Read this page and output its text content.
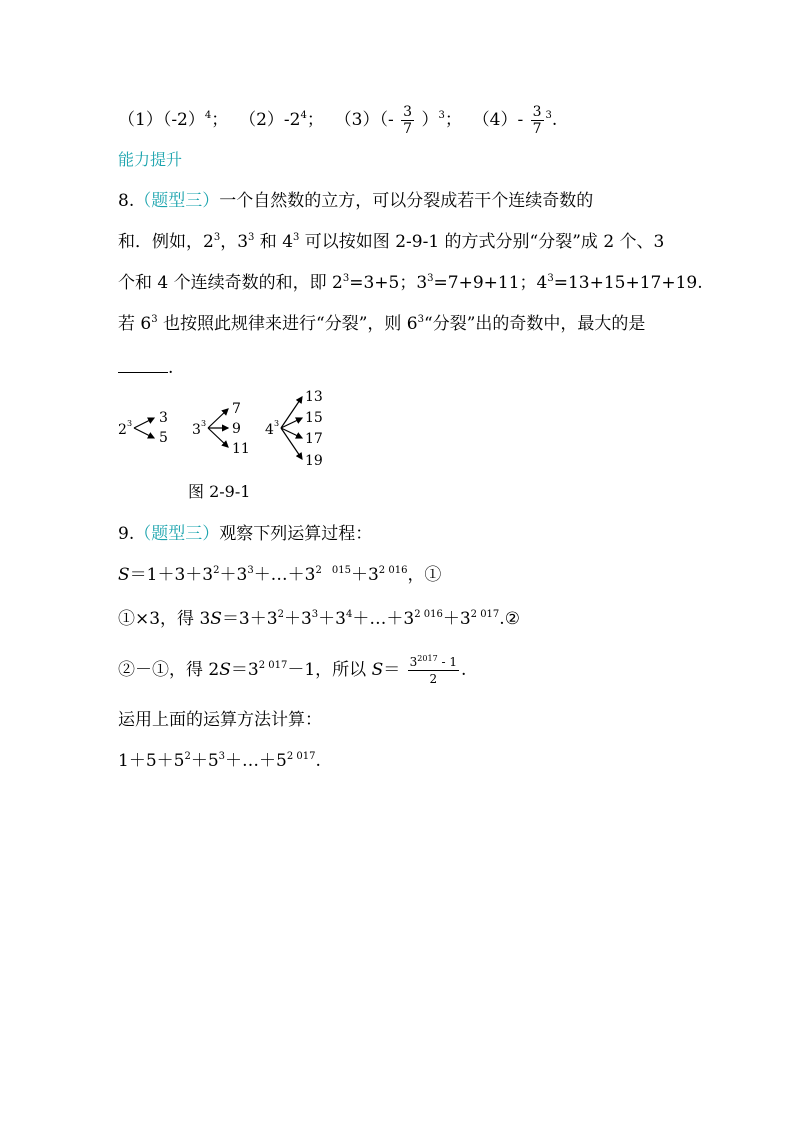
$(1)(-2)^4$； $(2)-2^4$； $(3)(- \frac{3}{7} )^3$； $(4)- \frac{3}{7} ^3$.
能力提升
8.（题型三）一个自然数的立方，可以分裂成若干个连续奇数的
和．例如，$2^3$，$3^3$ 和 $4^3$ 可以按如图 2-9-1 的方式分别“分裂”成 2 个、3
个和 4 个连续奇数的和，即 $2^3=3+5$；$3^3=7+9+11$；$4^3=13+15+17+19$.
若 $6^3$ 也按照此规律来进行“分裂”，则 $6^3“$分裂”出的奇数中，最大的是
.
2 3 3
5 3 3
7
9
11
4 3
13
15
17
19
图 2-9-1
9.（题型三）观察下列运算过程：
$S=1+3+3^2+3^3+\dots+3^{2 015}+3^{2 016}$，①
①×3，得 $3S=3+3^2+3^3+3^4+\dots+3^{2 016}+3^{2 017}.②$
②－①，得 $2S=3^{2 017}-1$，所以 $S= \frac{3^{2017} - 1}{2}$ .
运用上面的运算方法计算：
$1+5+5^2+5^3+\dots+5^{2 017}$.
